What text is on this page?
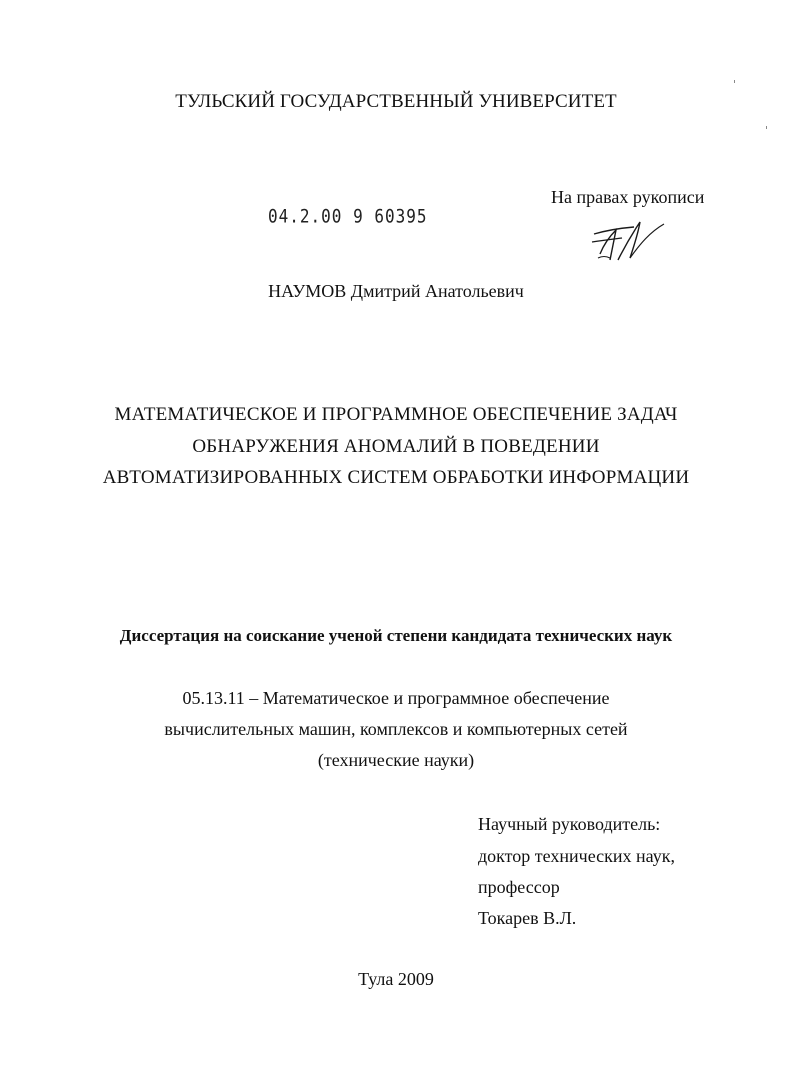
ТУЛЬСКИЙ ГОСУДАРСТВЕННЫЙ УНИВЕРСИТЕТ
На правах рукописи
04.2.00 9 60395
НАУМОВ Дмитрий Анатольевич
МАТЕМАТИЧЕСКОЕ И ПРОГРАММНОЕ ОБЕСПЕЧЕНИЕ ЗАДАЧ
ОБНАРУЖЕНИЯ АНОМАЛИЙ В ПОВЕДЕНИИ
АВТОМАТИЗИРОВАННЫХ СИСТЕМ ОБРАБОТКИ ИНФОРМАЦИИ
Диссертация на соискание ученой степени кандидата технических наук
05.13.11 – Математическое и программное обеспечение
вычислительных машин, комплексов и компьютерных сетей
(технические науки)
Научный руководитель:
доктор технических наук,
профессор
Токарев В.Л.
Тула 2009
